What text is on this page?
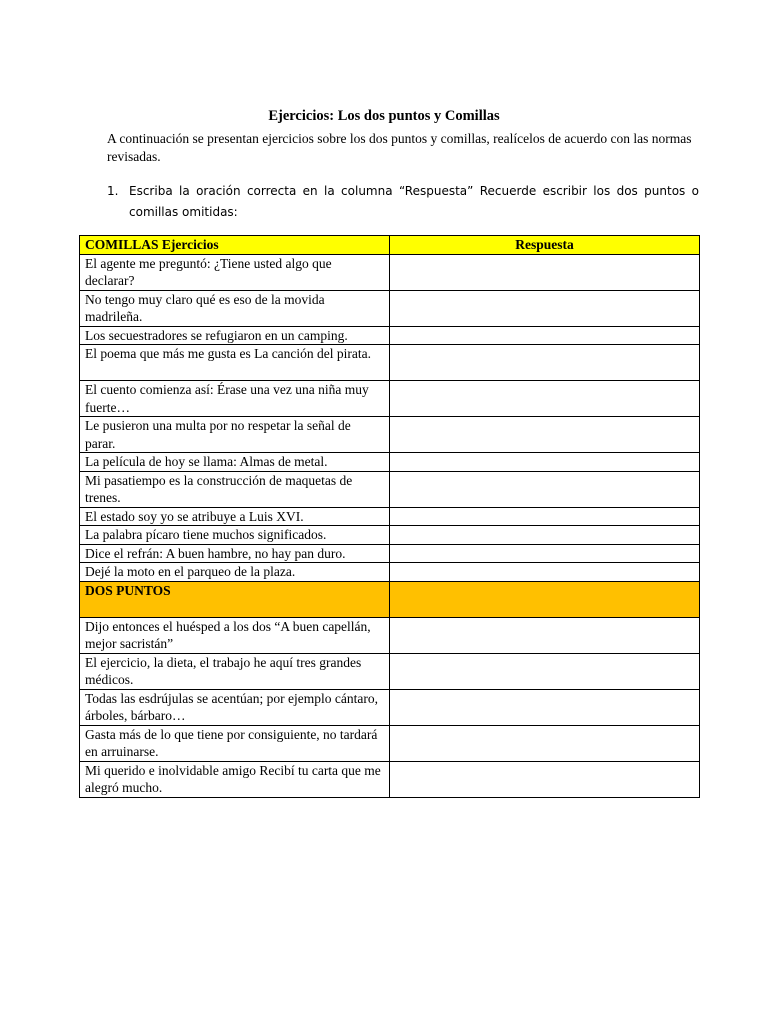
Ejercicios: Los dos puntos y Comillas
A continuación se presentan ejercicios sobre los dos puntos y comillas, realícelos de acuerdo con las normas revisadas.
1. Escriba la oración correcta en la columna “Respuesta” Recuerde escribir los dos puntos o comillas omitidas:
COMILLAS Ejercicios	Respuesta
El agente me preguntó: ¿Tiene usted algo que declarar?	
No tengo muy claro qué es eso de la movida madrileña.	
Los secuestradores se refugiaron en un camping.	
El poema que más me gusta es La canción del pirata.	
El cuento comienza así: Érase una vez una niña muy fuerte…	
Le pusieron una multa por no respetar la señal de parar.	
La película de hoy se llama: Almas de metal.	
Mi pasatiempo es la construcción de maquetas de trenes.	
El estado soy yo se atribuye a Luis XVI.	
La palabra pícaro tiene muchos significados.	
Dice el refrán: A buen hambre, no hay pan duro.	
Dejé la moto en el parqueo de la plaza.	
DOS PUNTOS	
Dijo entonces el huésped a los dos “A buen capellán, mejor sacristán”	
El ejercicio, la dieta, el trabajo he aquí tres grandes médicos.	
Todas las esdrújulas se acentúan; por ejemplo cántaro, árboles, bárbaro…	
Gasta más de lo que tiene por consiguiente, no tardará en arruinarse.	
Mi querido e inolvidable amigo Recibí tu carta que me alegró mucho.	
